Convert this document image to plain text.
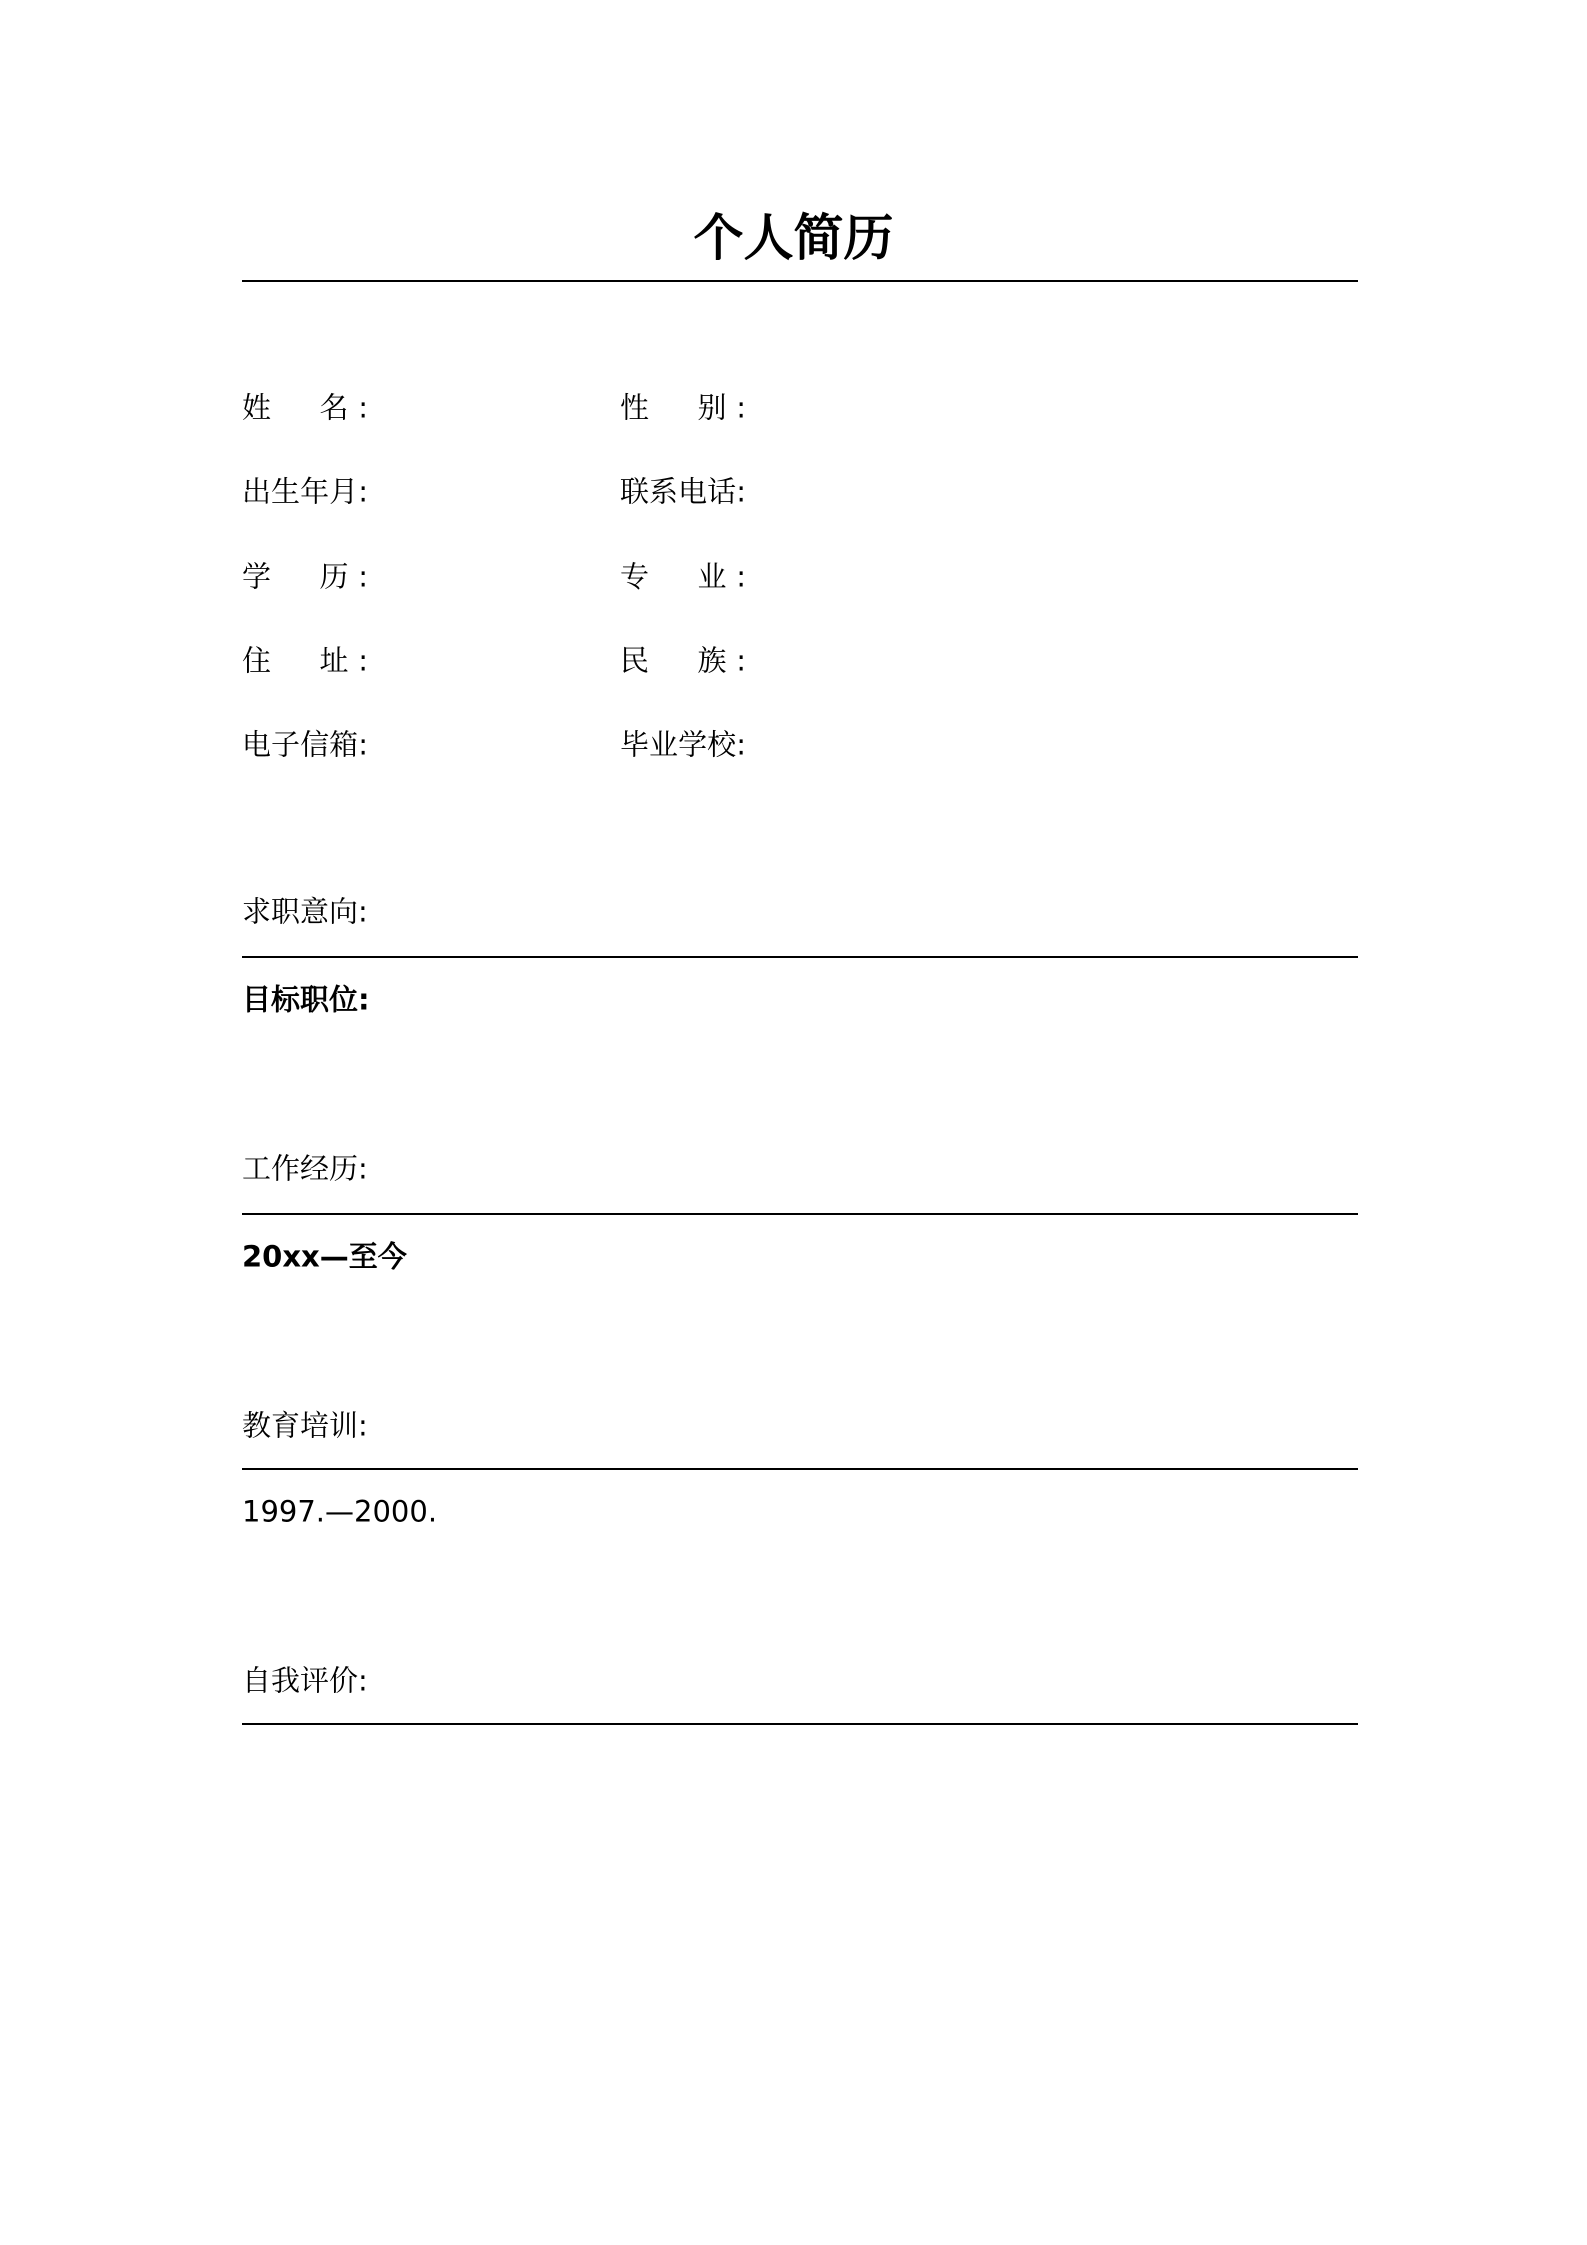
个人简历
姓　名:
出生年月:
学　历:
住　址:
电子信箱:
性　别:
联系电话:
专　业:
民　族:
毕业学校:
求职意向:
目标职位:
工作经历:
20xx—至今
教育培训:
1997.—2000.
自我评价:
